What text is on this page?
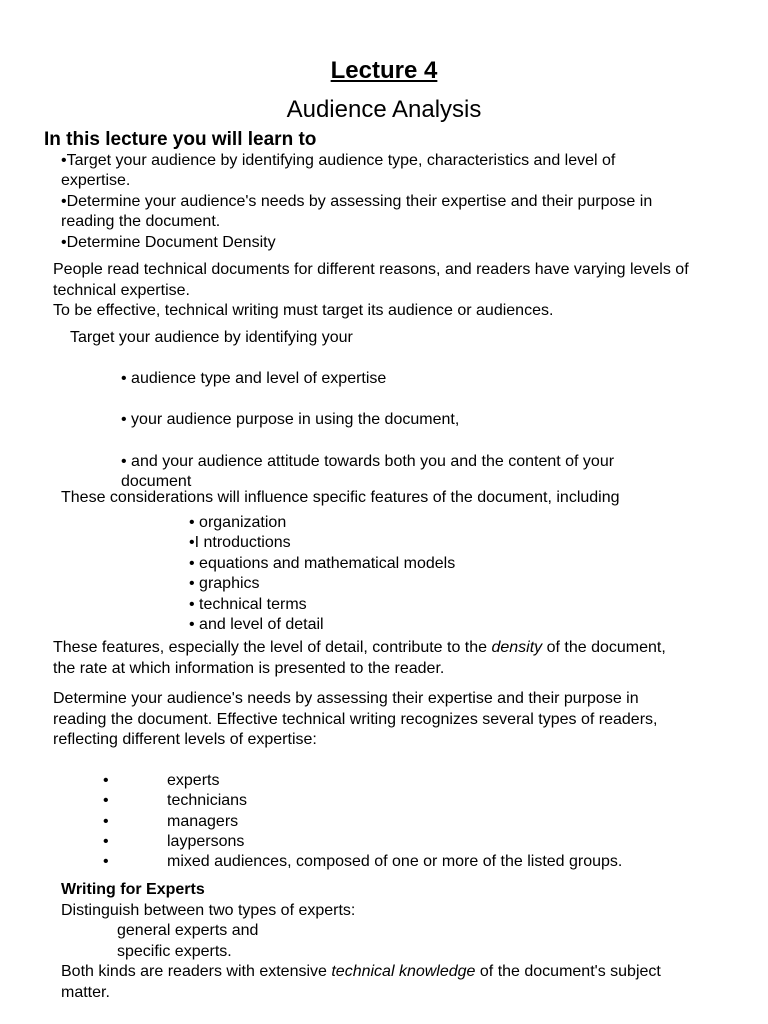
Lecture 4
Audience Analysis
In this lecture you will learn to
•Target your audience by identifying audience type, characteristics and level of
expertise.
•Determine your audience's needs by assessing their expertise and their purpose in
reading the document.
•Determine Document Density
People read technical documents for different reasons, and readers have varying levels of
technical expertise.
To be effective, technical writing must target its audience or audiences.
Target your audience by identifying your
• audience type and level of expertise
• your audience purpose in using the document,
• and your audience attitude towards both you and the content of your
document
These considerations will influence specific features of the document, including
• organization
•I ntroductions
• equations and mathematical models
• graphics
• technical terms
• and level of detail
These features, especially the level of detail, contribute to the density of the document,
the rate at which information is presented to the reader.
Determine your audience's needs by assessing their expertise and their purpose in
reading the document. Effective technical writing recognizes several types of readers,
reflecting different levels of expertise:
•	experts
•	technicians
•	managers
•	laypersons
•	mixed audiences, composed of one or more of the listed groups.
Writing for Experts
Distinguish between two types of experts:
general experts and
specific experts.
Both kinds are readers with extensive technical knowledge of the document's subject
matter.
